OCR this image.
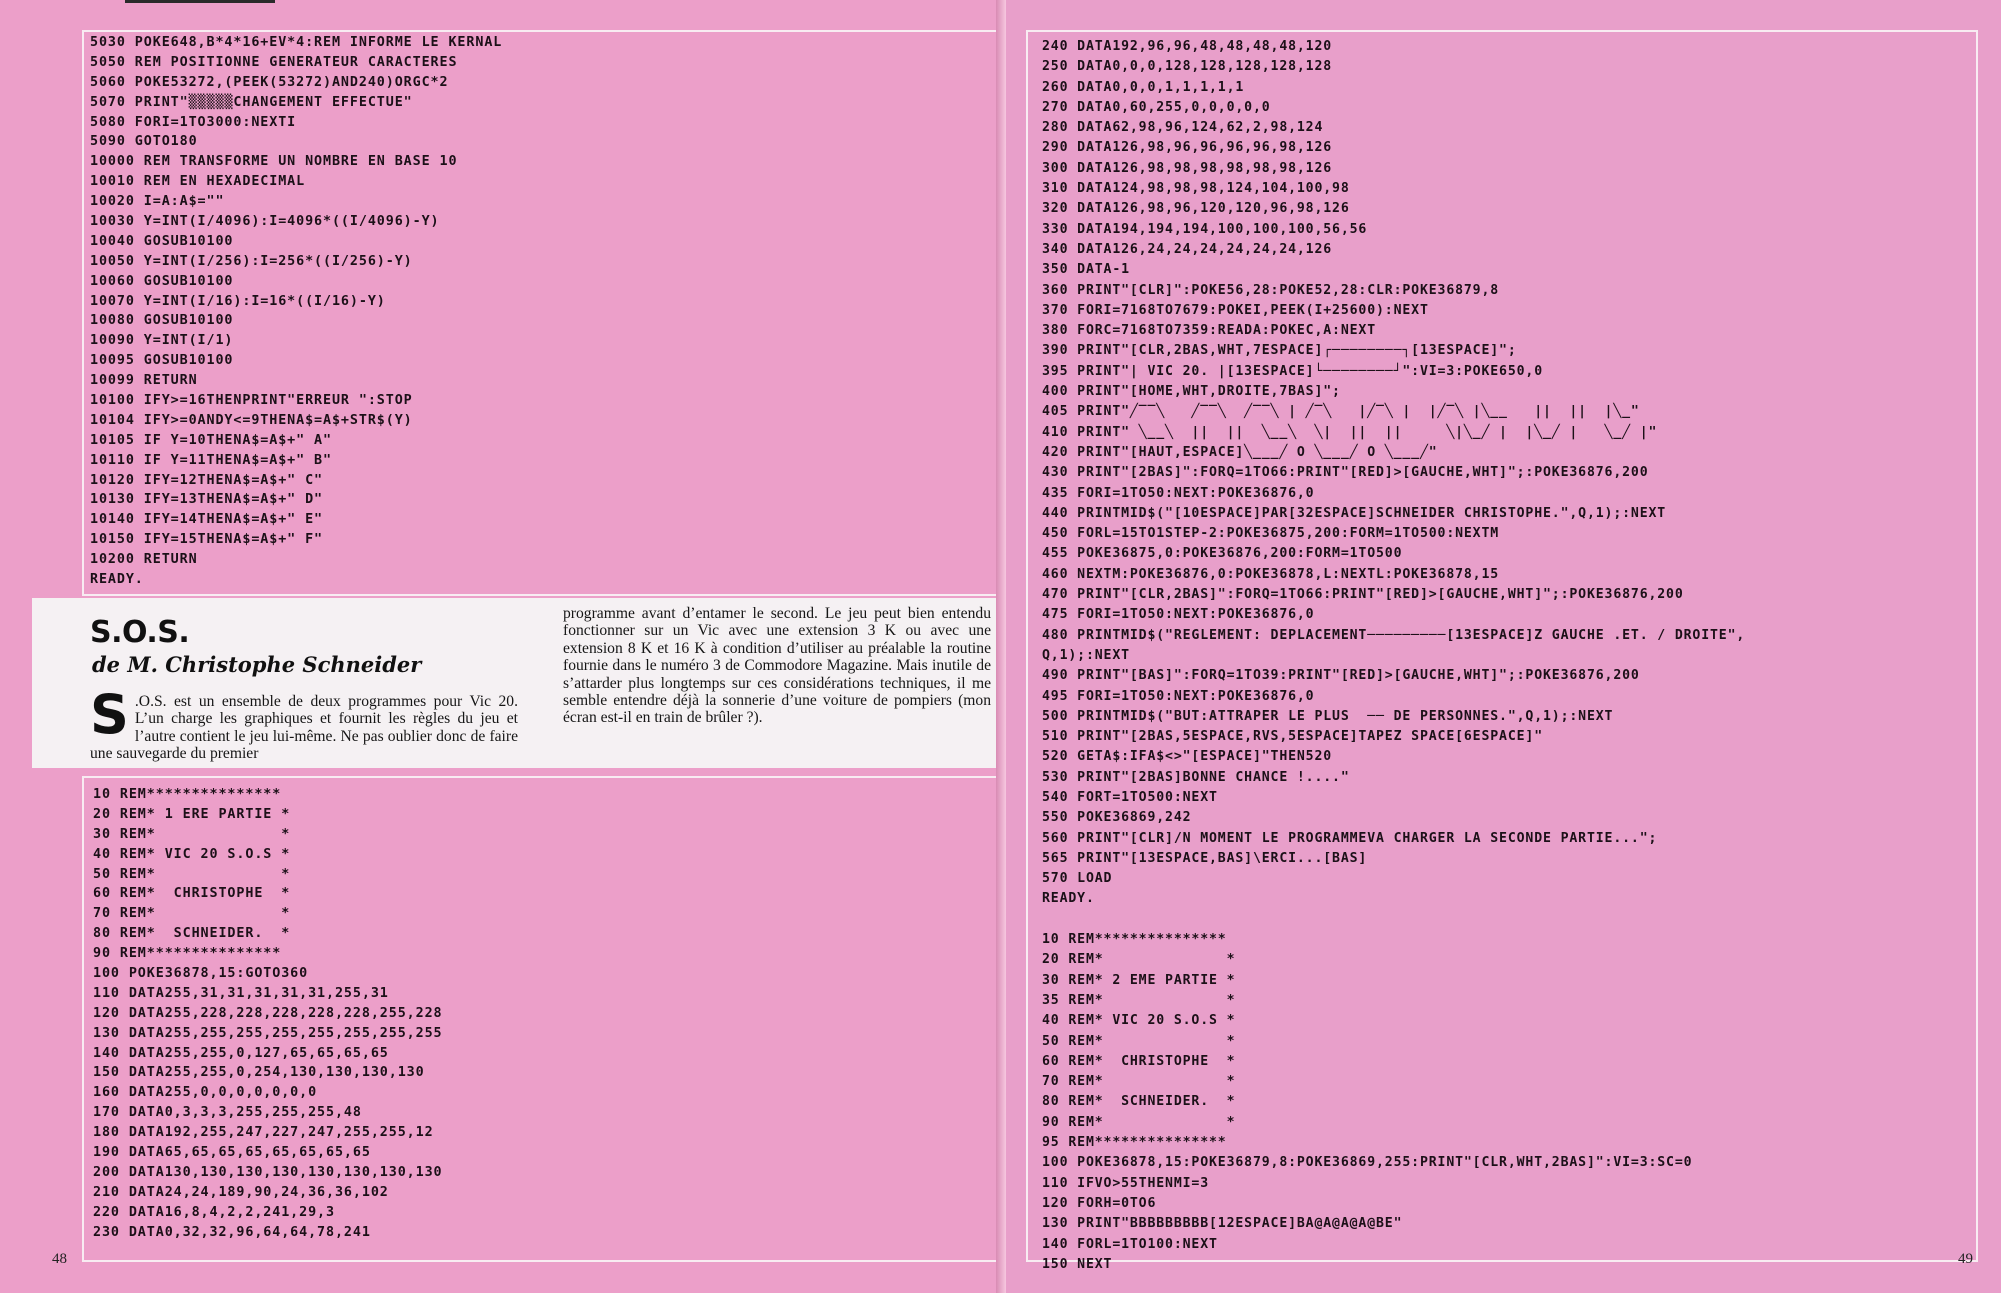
5030 POKE648,B*4*16+EV*4:REM INFORME LE KERNAL
5050 REM POSITIONNE GENERATEUR CARACTERES
5060 POKE53272,(PEEK(53272)AND240)ORGC*2
5070 PRINT"▒▒▒▒▒CHANGEMENT EFFECTUE"
5080 FORI=1TO3000:NEXTI
5090 GOTO180
10000 REM TRANSFORME UN NOMBRE EN BASE 10
10010 REM EN HEXADECIMAL
10020 I=A:A$=""
10030 Y=INT(I/4096):I=4096*((I/4096)-Y)
10040 GOSUB10100
10050 Y=INT(I/256):I=256*((I/256)-Y)
10060 GOSUB10100
10070 Y=INT(I/16):I=16*((I/16)-Y)
10080 GOSUB10100
10090 Y=INT(I/1)
10095 GOSUB10100
10099 RETURN
10100 IFY>=16THENPRINT"ERREUR ":STOP
10104 IFY>=0ANDY<=9THENA$=A$+STR$(Y)
10105 IF Y=10THENA$=A$+" A"
10110 IF Y=11THENA$=A$+" B"
10120 IFY=12THENA$=A$+" C"
10130 IFY=13THENA$=A$+" D"
10140 IFY=14THENA$=A$+" E"
10150 IFY=15THENA$=A$+" F"
10200 RETURN
READY.
S.O.S.
de M. Christophe Schneider

S .O.S. est un ensemble de deux programmes pour Vic 20. L’un charge les graphiques et fournit les règles du jeu et l’autre contient le jeu lui-même. Ne pas oublier donc de faire une sauvegarde du premier

programme avant d’entamer le second. Le jeu peut bien entendu fonctionner sur un Vic avec une extension 3 K ou avec une extension 8 K et 16 K à condition d’utiliser au préalable la routine fournie dans le numéro 3 de Commodore Magazine. Mais inutile de s’attarder plus longtemps sur ces considérations techniques, il me semble entendre déjà la sonnerie d’une voiture de pompiers (mon écran est-il en train de brûler ?).

10 REM***************
20 REM* 1 ERE PARTIE *
30 REM*              *
40 REM* VIC 20 S.O.S *
50 REM*              *
60 REM*  CHRISTOPHE  *
70 REM*              *
80 REM*  SCHNEIDER.  *
90 REM***************
100 POKE36878,15:GOTO360
110 DATA255,31,31,31,31,31,255,31
120 DATA255,228,228,228,228,228,255,228
130 DATA255,255,255,255,255,255,255,255
140 DATA255,255,0,127,65,65,65,65
150 DATA255,255,0,254,130,130,130,130
160 DATA255,0,0,0,0,0,0,0
170 DATA0,3,3,3,255,255,255,48
180 DATA192,255,247,227,247,255,255,12
190 DATA65,65,65,65,65,65,65,65
200 DATA130,130,130,130,130,130,130,130
210 DATA24,24,189,90,24,36,36,102
220 DATA16,8,4,2,2,241,29,3
230 DATA0,32,32,96,64,64,78,241
48
240 DATA192,96,96,48,48,48,48,120
250 DATA0,0,0,128,128,128,128,128
260 DATA0,0,0,1,1,1,1,1
270 DATA0,60,255,0,0,0,0,0
280 DATA62,98,96,124,62,2,98,124
290 DATA126,98,96,96,96,96,98,126
300 DATA126,98,98,98,98,98,98,126
310 DATA124,98,98,98,124,104,100,98
320 DATA126,98,96,120,120,96,98,126
330 DATA194,194,194,100,100,100,56,56
340 DATA126,24,24,24,24,24,24,126
350 DATA-1
360 PRINT"[CLR]":POKE56,28:POKE52,28:CLR:POKE36879,8
370 FORI=7168TO7679:POKEI,PEEK(I+25600):NEXT
380 FORC=7168TO7359:READA:POKEC,A:NEXT
390 PRINT"[CLR,2BAS,WHT,7ESPACE]┌────────┐[13ESPACE]";
395 PRINT"| VIC 20. |[13ESPACE]└────────┘":VI=3:POKE650,0
400 PRINT"[HOME,WHT,DROITE,7BAS]";
405 PRINT"╱‾‾╲   ╱‾‾╲  ╱‾‾╲ | ╱‾╲   |╱‾╲ |  |╱‾╲ |╲__   ||  ||  |╲_"
410 PRINT" ╲__╲  ||  ||  ╲__╲  ╲|  ||  ||     ╲|╲_╱ |  |╲_╱ |   ╲_╱ |"
420 PRINT"[HAUT,ESPACE]╲___╱ O ╲___╱ O ╲___╱"
430 PRINT"[2BAS]":FORQ=1TO66:PRINT"[RED]>[GAUCHE,WHT]";:POKE36876,200
435 FORI=1TO50:NEXT:POKE36876,0
440 PRINTMID$("[10ESPACE]PAR[32ESPACE]SCHNEIDER CHRISTOPHE.",Q,1);:NEXT
450 FORL=15TO1STEP-2:POKE36875,200:FORM=1TO500:NEXTM
455 POKE36875,0:POKE36876,200:FORM=1TO500
460 NEXTM:POKE36876,0:POKE36878,L:NEXTL:POKE36878,15
470 PRINT"[CLR,2BAS]":FORQ=1TO66:PRINT"[RED]>[GAUCHE,WHT]";:POKE36876,200
475 FORI=1TO50:NEXT:POKE36876,0
480 PRINTMID$("REGLEMENT: DEPLACEMENT─────────[13ESPACE]Z GAUCHE .ET. / DROITE",
Q,1);:NEXT
490 PRINT"[BAS]":FORQ=1TO39:PRINT"[RED]>[GAUCHE,WHT]";:POKE36876,200
495 FORI=1TO50:NEXT:POKE36876,0
500 PRINTMID$("BUT:ATTRAPER LE PLUS  ── DE PERSONNES.",Q,1);:NEXT
510 PRINT"[2BAS,5ESPACE,RVS,5ESPACE]TAPEZ SPACE[6ESPACE]"
520 GETA$:IFA$<>"[ESPACE]"THEN520
530 PRINT"[2BAS]BONNE CHANCE !...."
540 FORT=1TO500:NEXT
550 POKE36869,242
560 PRINT"[CLR]/N MOMENT LE PROGRAMMEVA CHARGER LA SECONDE PARTIE...";
565 PRINT"[13ESPACE,BAS]\ERCI...[BAS]
570 LOAD
READY.

10 REM***************
20 REM*              *
30 REM* 2 EME PARTIE *
35 REM*              *
40 REM* VIC 20 S.O.S *
50 REM*              *
60 REM*  CHRISTOPHE  *
70 REM*              *
80 REM*  SCHNEIDER.  *
90 REM*              *
95 REM***************
100 POKE36878,15:POKE36879,8:POKE36869,255:PRINT"[CLR,WHT,2BAS]":VI=3:SC=0
110 IFVO>55THENMI=3
120 FORH=0TO6
130 PRINT"BBBBBBBBB[12ESPACE]BA@A@A@A@BE"
140 FORL=1TO100:NEXT
150 NEXT	49
